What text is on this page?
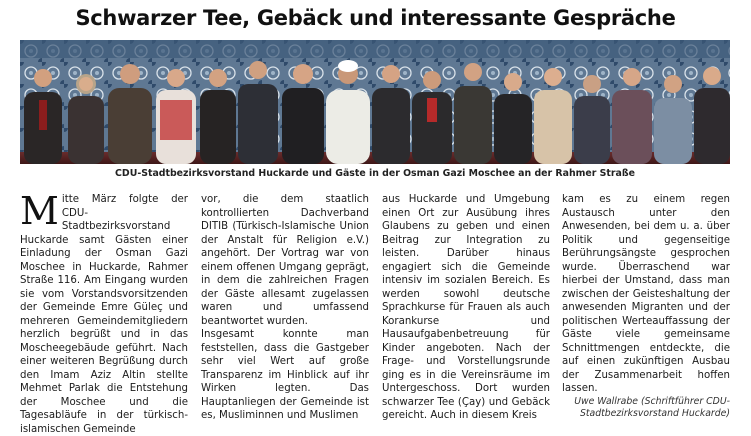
Schwarzer Tee, Gebäck und interessante Gespräche
CDU-Stadtbezirksvorstand Huckarde und Gäste in der Osman Gazi Moschee an der Rahmer Straße

Mitte März folgte der CDU-Stadtbezirksvorstand Huckarde samt Gästen einer Einladung der Osman Gazi Moschee in Huckarde, Rahmer Straße 116. Am Eingang wurden sie vom Vorstandsvorsitzenden der Gemeinde Emre Güleç und mehreren Gemeindemitgliedern herzlich begrüßt und in das Moscheegebäude geführt. Nach einer weiteren Begrüßung durch den Imam Aziz Altin stellte Mehmet Parlak die Entstehung der Moschee und die Tagesabläufe in der türkisch-islamischen Gemeinde

vor, die dem staatlich kontrollierten Dachverband DITIB (Türkisch-Islamische Union der Anstalt für Religion e.V.) angehört. Der Vortrag war von einem offenen Umgang geprägt, in dem die zahlreichen Fragen der Gäste allesamt zugelassen waren und umfassend beantwortet wurden.

Insgesamt konnte man feststellen, dass die Gastgeber sehr viel Wert auf große Transparenz im Hinblick auf ihr Wirken legten. Das Hauptanliegen der Gemeinde ist es, Musliminnen und Muslimen

aus Huckarde und Umgebung einen Ort zur Ausübung ihres Glaubens zu geben und einen Beitrag zur Integration zu leisten. Darüber hinaus engagiert sich die Gemeinde intensiv im sozialen Bereich. Es werden sowohl deutsche Sprachkurse für Frauen als auch Korankurse und Hausaufgabenbetreuung für Kinder angeboten. Nach der Frage- und Vorstellungsrunde ging es in die Vereinsräume im Untergeschoss. Dort wurden schwarzer Tee (Çay) und Gebäck gereicht. Auch in diesem Kreis

kam es zu einem regen Austausch unter den Anwesenden, bei dem u. a. über Politik und gegenseitige Berührungsängste gesprochen wurde. Überraschend war hierbei der Umstand, dass man zwischen der Geisteshaltung der anwesenden Migranten und der politischen Werteauffassung der Gäste viele gemeinsame Schnittmengen entdeckte, die auf einen zukünftigen Ausbau der Zusammenarbeit hoffen lassen.

Uwe Wallrabe (Schriftführer CDU-Stadtbezirksvorstand Huckarde)
